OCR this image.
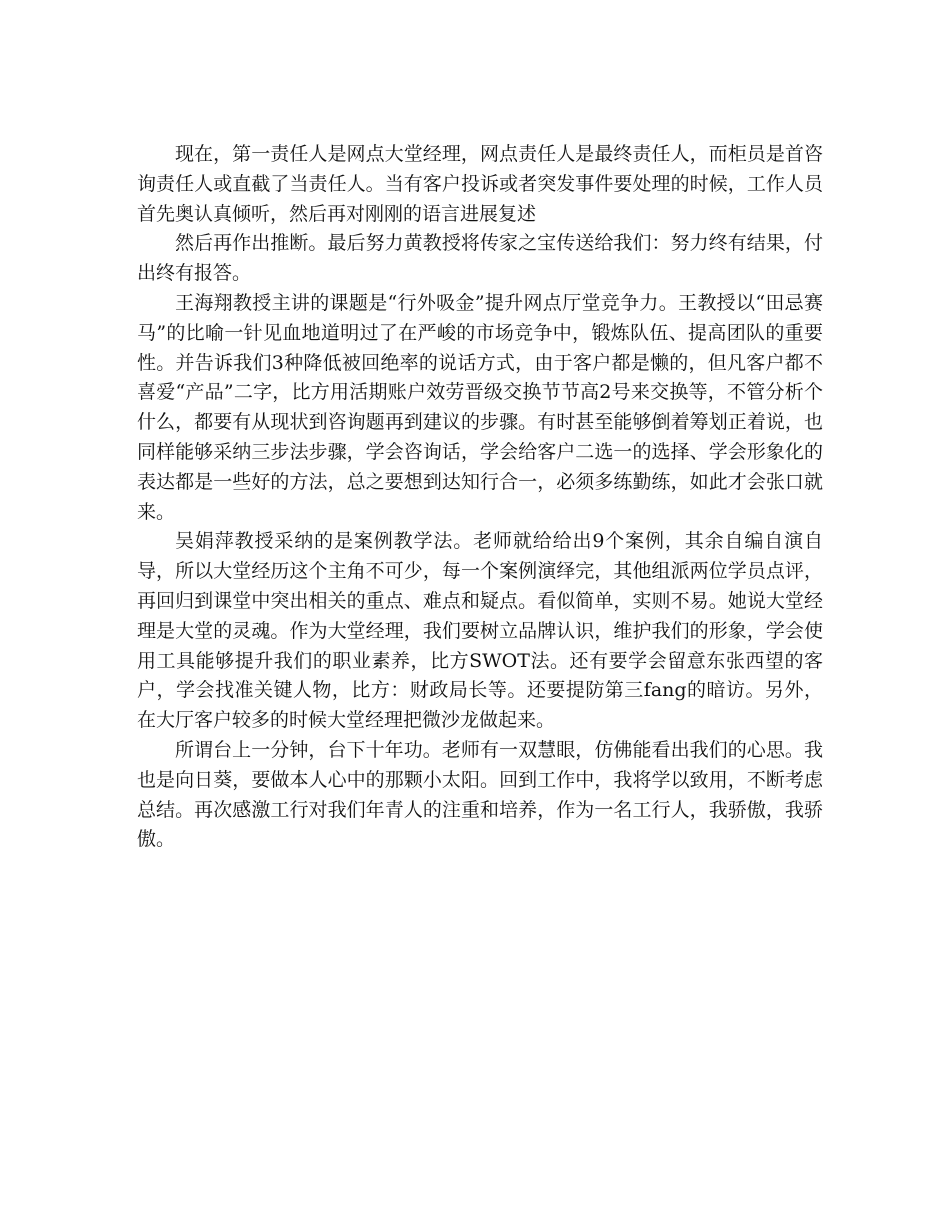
现在，第一责任人是网点大堂经理，网点责任人是最终责任人，而柜员是首咨询责任人或直截了当责任人。当有客户投诉或者突发事件要处理的时候，工作人员首先奥认真倾听，然后再对刚刚的语言进展复述

然后再作出推断。最后努力黄教授将传家之宝传送给我们：努力终有结果，付出终有报答。

王海翔教授主讲的课题是“行外吸金”提升网点厅堂竞争力。王教授以“田忌赛马”的比喻一针见血地道明过了在严峻的市场竞争中，锻炼队伍、提高团队的重要性。并告诉我们3种降低被回绝率的说话方式，由于客户都是懒的，但凡客户都不喜爱“产品”二字，比方用活期账户效劳晋级交换节节高2号来交换等，不管分析个什么，都要有从现状到咨询题再到建议的步骤。有时甚至能够倒着筹划正着说，也同样能够采纳三步法步骤，学会咨询话，学会给客户二选一的选择、学会形象化的表达都是一些好的方法，总之要想到达知行合一，必须多练勤练，如此才会张口就来。

吴娟萍教授采纳的是案例教学法。老师就给给出9个案例，其余自编自演自导，所以大堂经历这个主角不可少，每一个案例演绎完，其他组派两位学员点评，再回归到课堂中突出相关的重点、难点和疑点。看似简单，实则不易。她说大堂经理是大堂的灵魂。作为大堂经理，我们要树立品牌认识，维护我们的形象，学会使用工具能够提升我们的职业素养，比方SWOT法。还有要学会留意东张西望的客户，学会找准关键人物，比方：财政局长等。还要提防第三fang的暗访。另外，在大厅客户较多的时候大堂经理把微沙龙做起来。

所谓台上一分钟，台下十年功。老师有一双慧眼，仿佛能看出我们的心思。我也是向日葵，要做本人心中的那颗小太阳。回到工作中，我将学以致用，不断考虑总结。再次感激工行对我们年青人的注重和培养，作为一名工行人，我骄傲，我骄傲。
